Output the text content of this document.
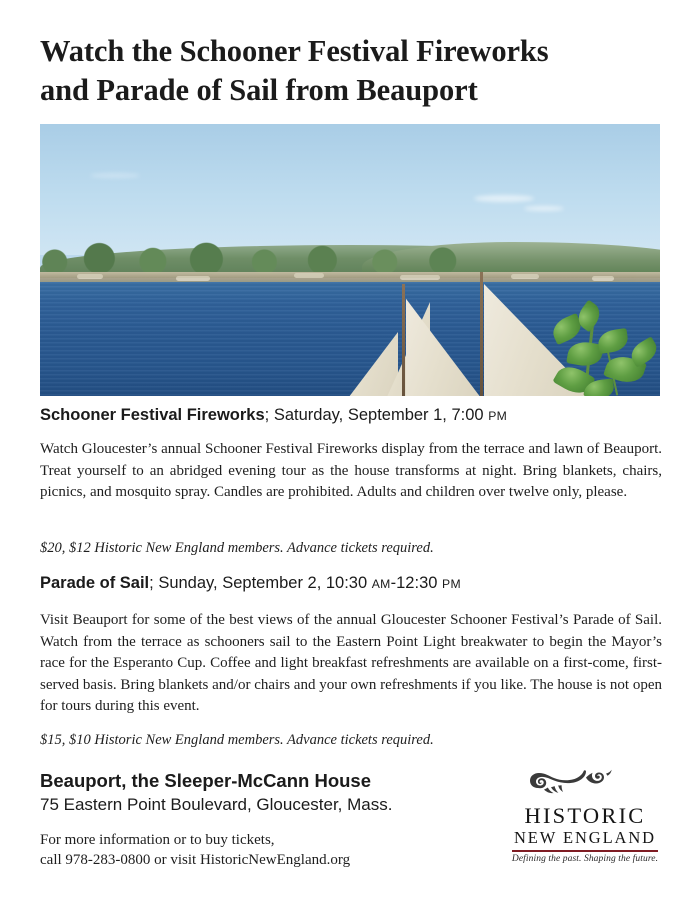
Watch the Schooner Festival Fireworks
and Parade of Sail from Beauport
Schooner Festival Fireworks; Saturday, September 1, 7:00 PM
Watch Gloucester’s annual Schooner Festival Fireworks display from the terrace and lawn of Beauport. Treat yourself to an abridged evening tour as the house transforms at night. Bring blankets, chairs, picnics, and mosquito spray. Candles are prohibited. Adults and children over twelve only, please.
$20, $12 Historic New England members. Advance tickets required.
Parade of Sail; Sunday, September 2, 10:30 AM-12:30 PM
Visit Beauport for some of the best views of the annual Gloucester Schooner Festival’s Parade of Sail. Watch from the terrace as schooners sail to the Eastern Point Light breakwater to begin the Mayor’s race for the Esperanto Cup. Coffee and light breakfast refreshments are available on a first-come, first-served basis. Bring blankets and/or chairs and your own refreshments if you like. The house is not open for tours during this event.
$15, $10 Historic New England members. Advance tickets required.
Beauport, the Sleeper-McCann House
75 Eastern Point Boulevard, Gloucester, Mass.
For more information or to buy tickets,
call 978-283-0800 or visit HistoricNewEngland.org
HISTORIC
NEW ENGLAND
Defining the past. Shaping the future.
